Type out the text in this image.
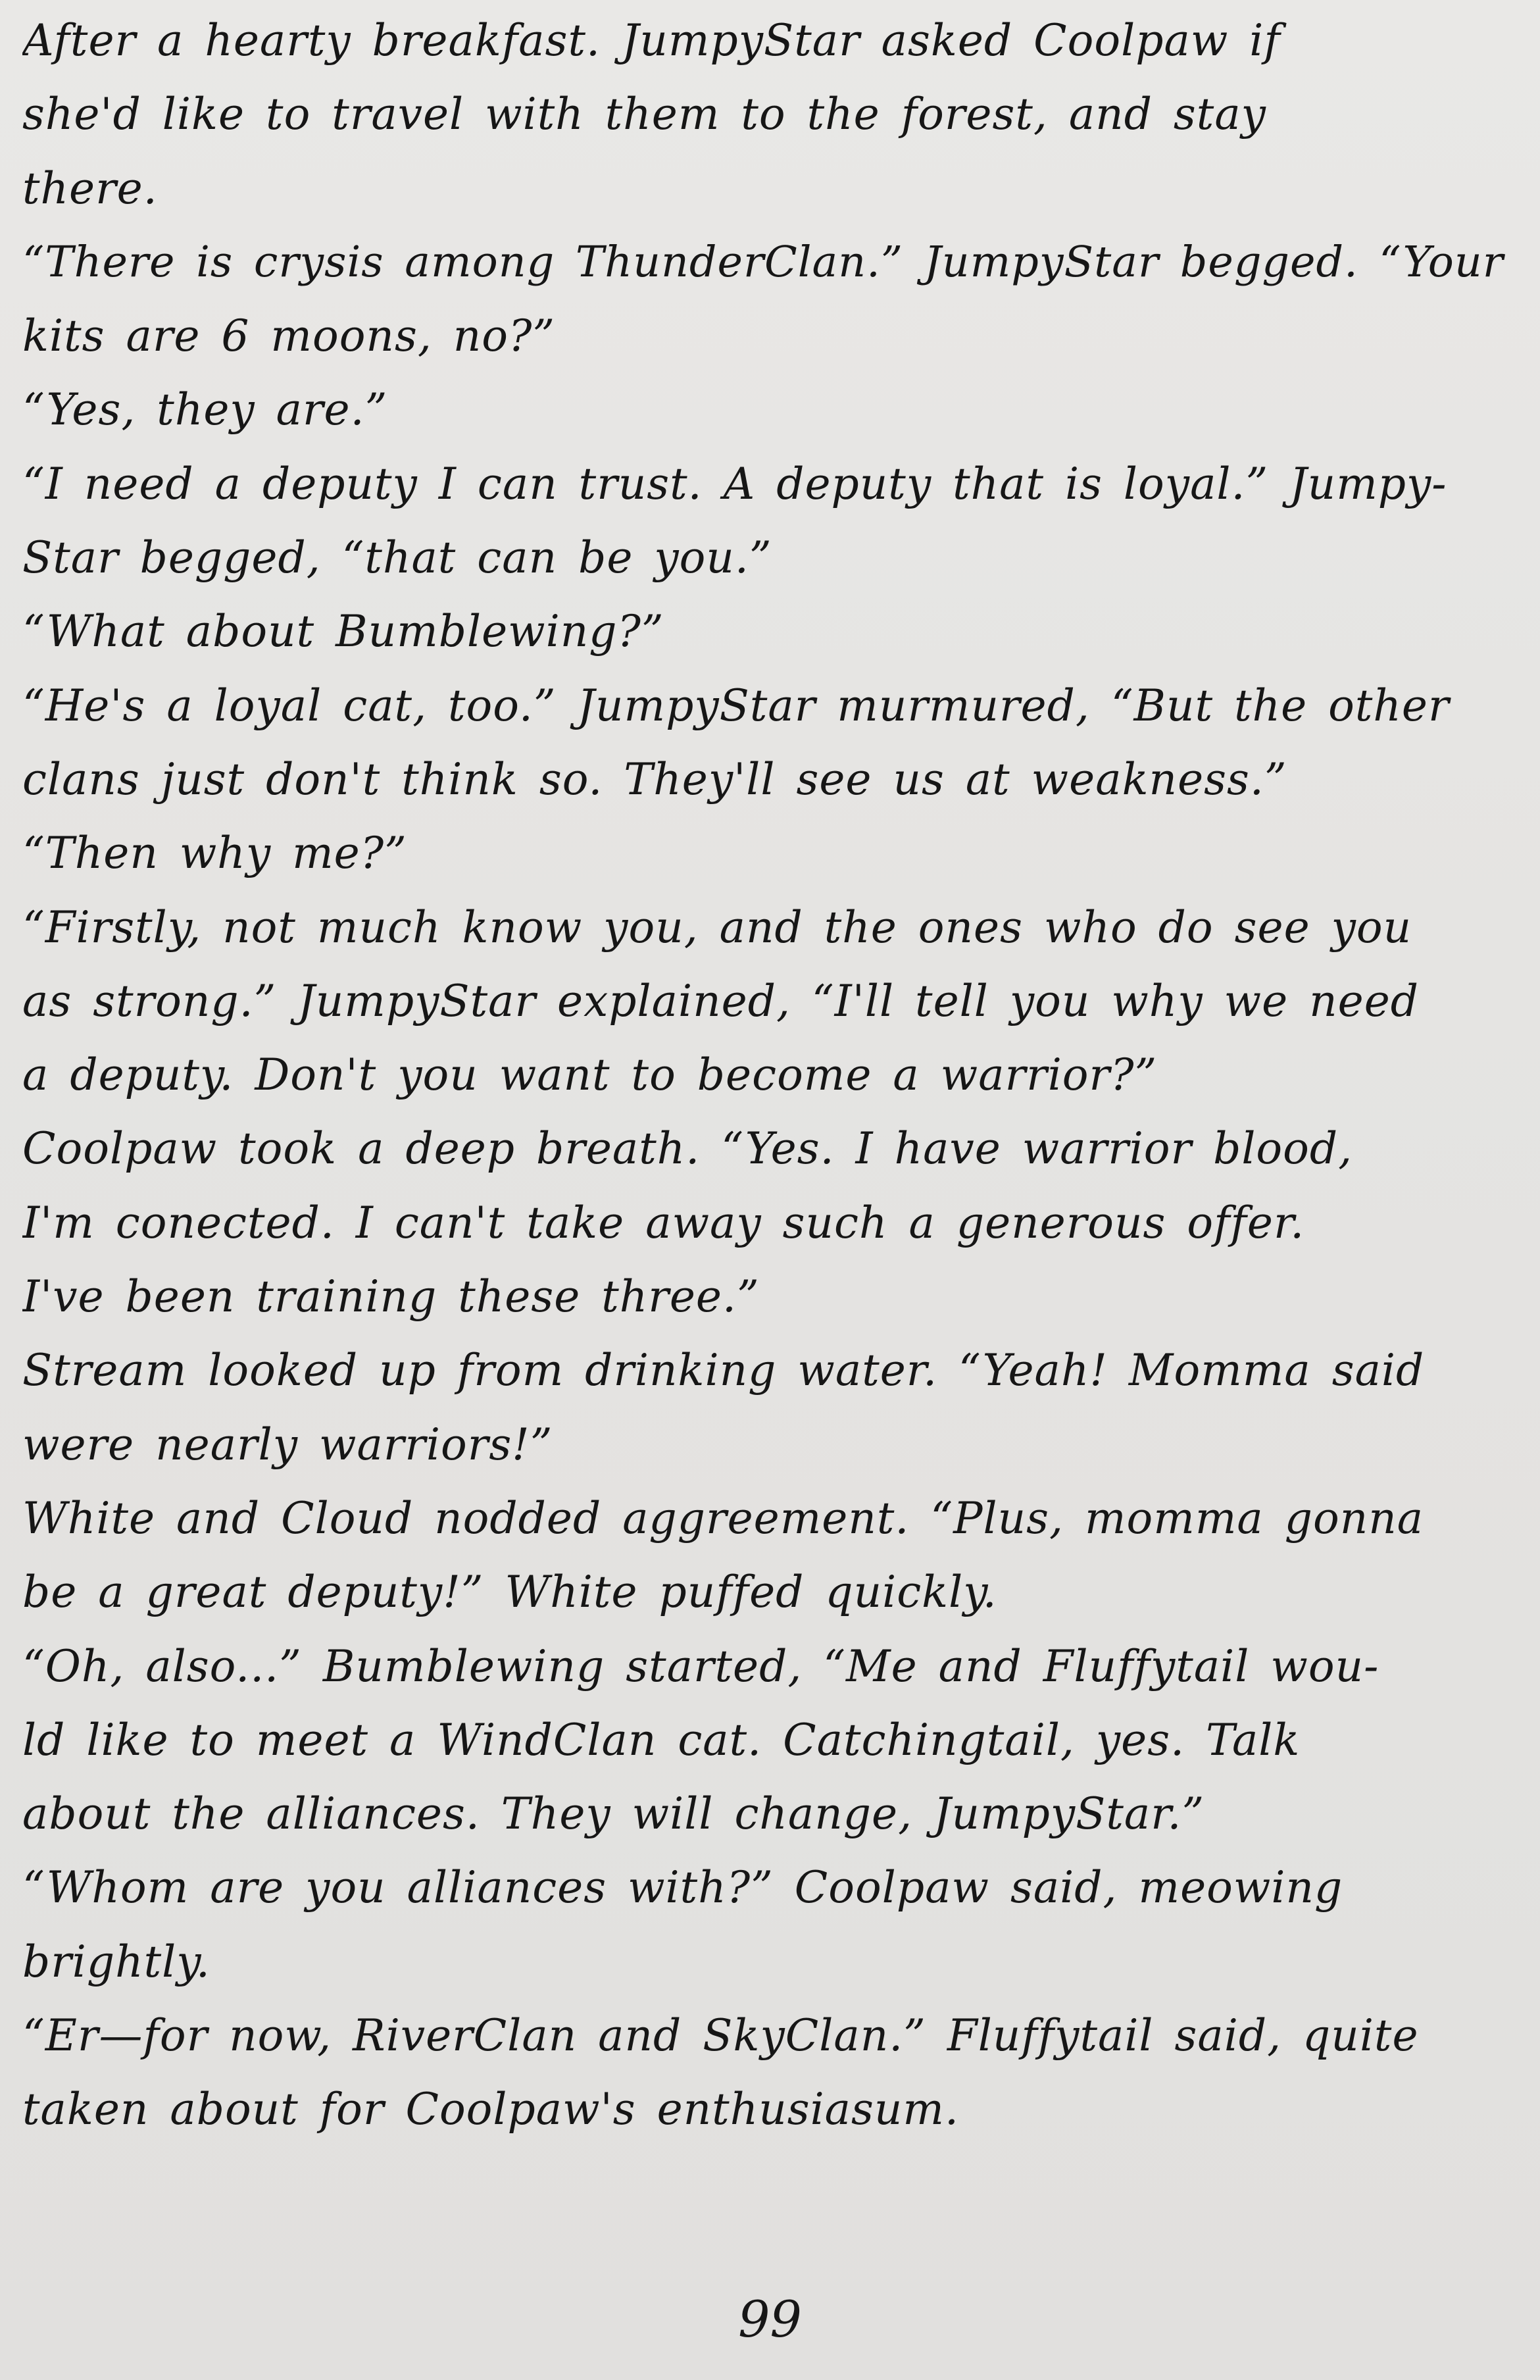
After a hearty breakfast. JumpyStar asked Coolpaw if
she'd like to travel with them to the forest, and stay
there.
“There is crysis among ThunderClan.” JumpyStar begged. “Your
kits are 6 moons, no?”
“Yes, they are.”
“I need a deputy I can trust. A deputy that is loyal.” Jumpy-
Star begged, “that can be you.”
“What about Bumblewing?”
“He's a loyal cat, too.” JumpyStar murmured, “But the other
clans just don't think so. They'll see us at weakness.”
“Then why me?”
“Firstly, not much know you, and the ones who do see you
as strong.” JumpyStar explained, “I'll tell you why we need
a deputy. Don't you want to become a warrior?”
Coolpaw took a deep breath. “Yes. I have warrior blood,
I'm conected. I can't take away such a generous offer.
I've been training these three.”
Stream looked up from drinking water. “Yeah! Momma said
were nearly warriors!”
White and Cloud nodded aggreement. “Plus, momma gonna
be a great deputy!” White puffed quickly.
“Oh, also...” Bumblewing started, “Me and Fluffytail wou-
ld like to meet a WindClan cat. Catchingtail, yes. Talk
about the alliances. They will change, JumpyStar.”
“Whom are you alliances with?” Coolpaw said, meowing
brightly.
“Er—for now, RiverClan and SkyClan.” Fluffytail said, quite
taken about for Coolpaw's enthusiasum.
99
